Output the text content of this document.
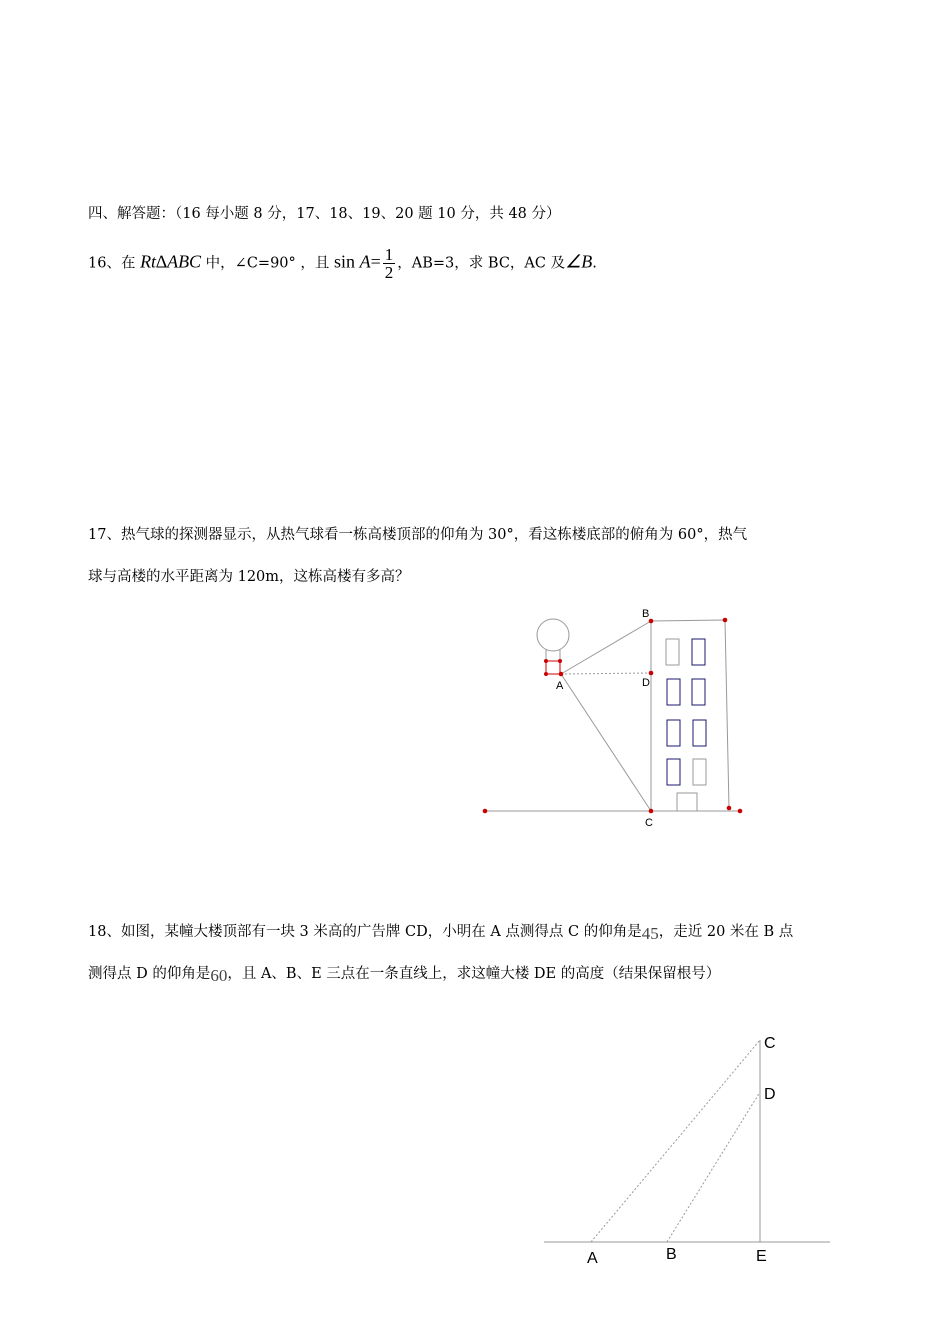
四、解答题：（16 每小题 8 分，17、18、19、20 题 10 分，共 48 分）
16、在 Rt∆ABC 中，∠C=90° ，且 $\sin A= \frac{1}{2}$ ，AB=3，求 BC，AC 及∠B.
17、热气球的探测器显示，从热气球看一栋高楼顶部的仰角为 30°，看这栋楼底部的俯角为 60°，热气
球与高楼的水平距离为 120m，这栋高楼有多高？
B
A	D
C
18、如图，某幢大楼顶部有一块 3 米高的广告牌 CD，小明在 A 点测得点 C 的仰角是45，走近 20 米在 B 点
测得点 D 的仰角是60，且 A、B、E 三点在一条直线上，求这幢大楼 DE 的高度（结果保留根号）
C
D
A	B	E
